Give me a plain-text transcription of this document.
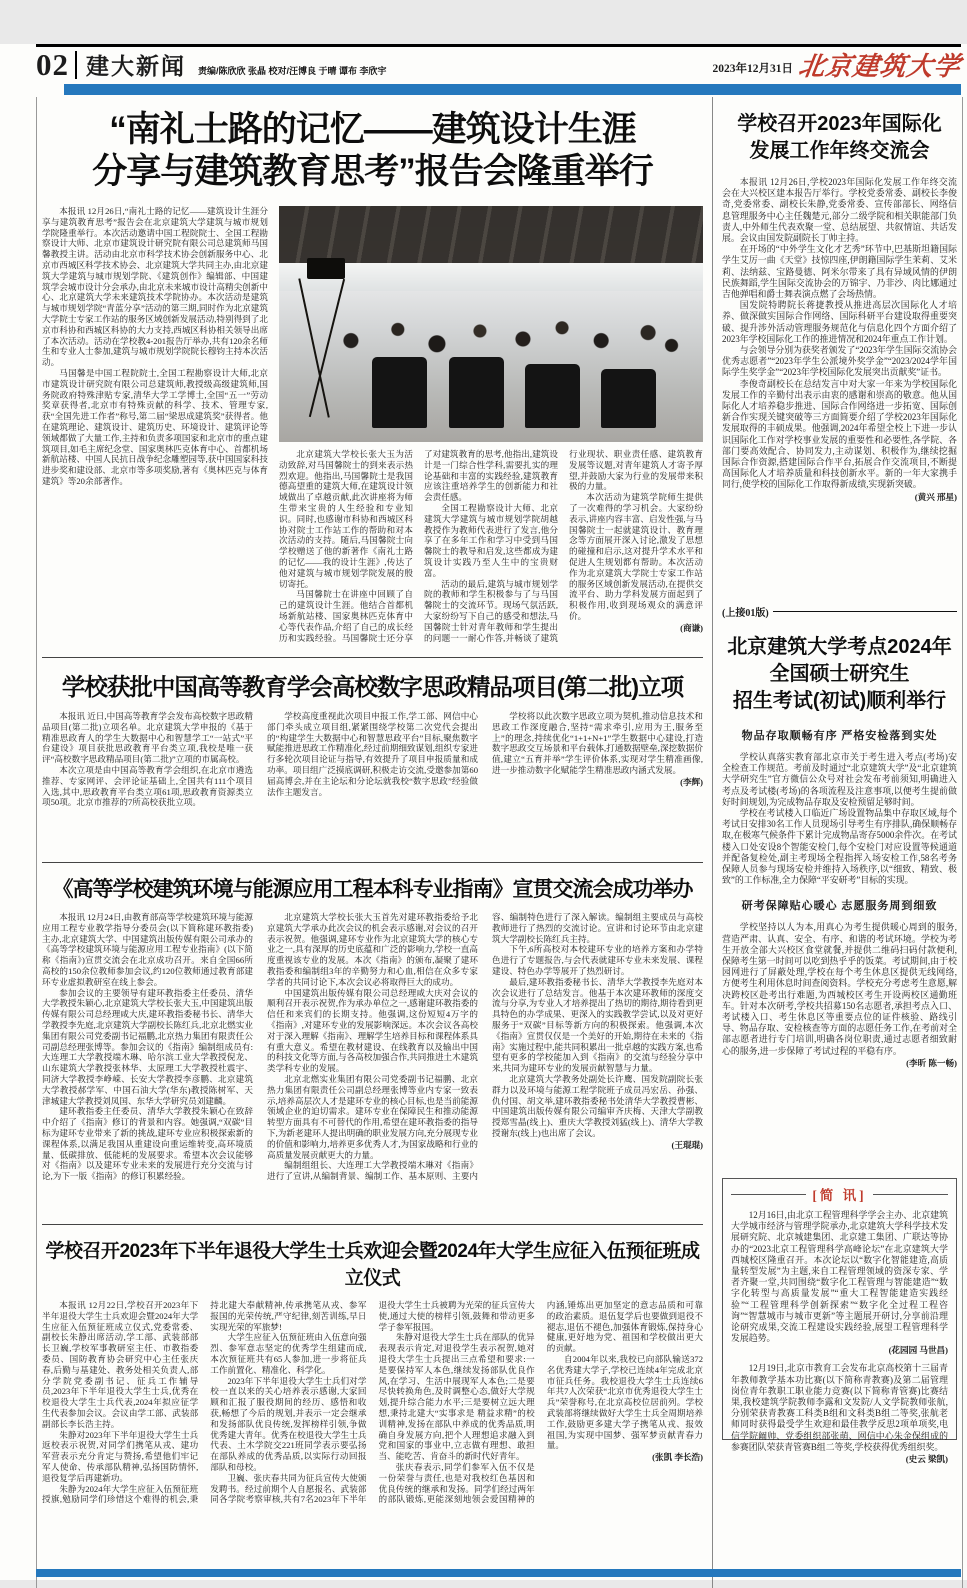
02 建大新闻 责编/陈欣欣 张晶 校对/汪博良 于晴 谭布 李欣宇	2023年12月31日 北京建筑大学
“南礼士路的记忆——建筑设计生涯
分享与建筑教育思考”报告会隆重举行

本报讯 12月26日,“南礼士路的记忆——建筑设计生涯分享与建筑教育思考”报告会在北京建筑大学建筑与城市规划学院隆重举行。本次活动邀请中国工程院院士、全国工程勘察设计大师、北京市建筑设计研究院有限公司总建筑师马国馨教授主讲。活动由北京市科学技术协会创新服务中心、北京市西城区科学技术协会、北京建筑大学共同主办,由北京建筑大学建筑与城市规划学院、《建筑创作》编辑部、中国建筑学会城市设计分会承办,由北京未来城市设计高精尖创新中心、北京建筑大学未来建筑技术学院协办。本次活动是建筑与城市规划学院“青蓝分享”活动的第三期,同时作为北京建筑大学院士专家工作站的服务区域创新发展活动,特别得到了北京市科协和西城区科协的大力支持,西城区科协相关领导出席了本次活动。活动在学校教4-201报告厅举办,共有120余名师生和专业人士参加,建筑与城市规划学院院长穆钧主持本次活动。

马国馨是中国工程院院士,全国工程勘察设计大师,北京市建筑设计研究院有限公司总建筑师,教授级高级建筑师,国务院政府特殊津贴专家,清华大学工学博士,全国“五一”劳动奖章获得者,北京市有特殊贡献的科学、技术、管理专家,获“全国先进工作者”称号,第二届“梁思成建筑奖”获得者。他在建筑理论、建筑设计、建筑历史、环境设计、建筑评论等领域都做了大量工作,主持和负责多项国家和北京市的重点建筑项目,如毛主席纪念堂、国家奥林匹克体育中心、首都机场新航站楼、中国人民抗日战争纪念雕塑园等,获中国国家科技进步奖和建设部、北京市等多项奖励,著有《奥林匹克与体育建筑》等20余部著作。

北京建筑大学校长张大玉为活动致辞,对马国馨院士的到来表示热烈欢迎。他指出,马国馨院士是我国德高望重的建筑大师,在建筑设计领域做出了卓越贡献,此次讲座将为师生带来宝贵的人生经验和专业知识。同时,也感谢市科协和西城区科协对院士工作站工作的帮助和对本次活动的支持。随后,马国馨院士向学校赠送了他的新著作《南礼士路的记忆——我的设计生涯》,传达了他对建筑与城市规划学院发展的殷切寄托。

马国馨院士在讲座中回顾了自己的建筑设计生涯。他结合首都机场新航站楼、国家奥林匹克体育中心等代表作品,介绍了自己的成长经历和实践经验。马国馨院士还分享了对建筑教育的思考,他指出,建筑设计是一门综合性学科,需要扎实的理论基础和丰富的实践经验,建筑教育应该注重培养学生的创新能力和社会责任感。

全国工程勘察设计大师、北京建筑大学建筑与城市规划学院胡越教授作为教师代表进行了发言,他分享了在多年工作和学习中受到马国馨院士的教导和启发,这些都成为建筑设计实践乃至人生中的宝贵财富。

活动的最后,建筑与城市规划学院的教师和学生积极参与了与马国馨院士的交流环节。现场气氛活跃,大家纷纷写下自己的感受和想法,马国馨院士针对青年教师和学生提出的问题一一耐心作答,并畅谈了建筑行业现状、职业责任感、建筑教育发展等议题,对青年建筑人才寄予厚望,并鼓励大家为行业的发展带来积极的力量。

本次活动为建筑学院师生提供了一次难得的学习机会。大家纷纷表示,讲座内容丰富、启发性强,与马国馨院士一起就建筑设计、教育理念等方面展开深入讨论,激发了思想的碰撞和启示,这对提升学术水平和促进人生规划都有帮助。本次活动作为北京建筑大学院士专家工作站的服务区域创新发展活动,在提供交流平台、助力学科发展方面起到了积极作用,收到现场观众的满意评价。

(商谦)
学校获批中国高等教育学会高校数字思政精品项目(第二批)立项

本报讯 近日,中国高等教育学会发布高校数字思政精品项目(第二批)立项名单。北京建筑大学申报的《基于精准思政育人的学生大数据中心和智慧学工“一站式”平台建设》项目获批思政教育平台类立项,我校是唯一获评“高校数字思政精品项目(第二批)”立项的市属高校。

本次立项是由中国高等教育学会组织,在北京市遴选推荐、专家网评、会评论证基础上,全国共有111个项目入选,其中,思政教育平台类立项61项,思政教育资源类立项50项。北京市推荐的7所高校获批立项。

学校高度重视此次项目申报工作,学工部、网信中心部门牵头成立项目组,紧紧围绕学校第二次党代会提出的“构建学生大数据中心和智慧思政平台”目标,聚焦数字赋能推进思政工作精准化,经过前期细致谋划,组织专家进行多轮次项目论证与指导,有效提升了项目申报质量和成功率。项目组广泛摸底调研,积极走访交流,受邀参加第60届高博会,并在主论坛和分论坛就我校“数字思政”经验做法作主题发言。

学校将以此次数字思政立项为契机,推动信息技术和思政工作深度融合,坚持“需求牵引,应用为王,服务至上”的理念,持续优化“1+1+N+1”学生数据中心建设,打造数字思政交互场景和平台载体,打通数据壁垒,深挖数据价值,建立“五育并举”学生评价体系,实现对学生精准画像,进一步推动数字化赋能学生精准思政内涵式发展。

(李辉)
《高等学校建筑环境与能源应用工程本科专业指南》宣贯交流会成功举办

本报讯 12月24日,由教育部高等学校建筑环境与能源应用工程专业教学指导分委员会(以下简称建环教指委)主办,北京建筑大学、中国建筑出版传媒有限公司承办的《高等学校建筑环境与能源应用工程专业指南》(以下简称《指南》)宣贯交流会在北京成功召开。来自全国66所高校的150余位教师参加会议,约120位教师通过教育部建环专业虚拟教研室在线上参会。

参加会议的主要领导有建环教指委主任委员、清华大学教授朱颖心,北京建筑大学校长张大玉,中国建筑出版传媒有限公司总经理咸大庆,建环教指委秘书长、清华大学教授李先庭,北京建筑大学副校长陈红兵,北京北燃实业集团有限公司党委副书记福鹏,北京热力集团有限责任公司副总经理张博等。参加会议的《指南》编制组成员有:大连理工大学教授端木琳、哈尔滨工业大学教授倪龙、山东建筑大学教授张林华、太原理工大学教授杜震宇、同济大学教授李峥嵘、长安大学教授李彦鹏、北京建筑大学教授郝学军、中国石油大学(华东)教授陈树军、天津城建大学教授刘凤国、东华大学研究员刘建麟。

建环教指委主任委员、清华大学教授朱颖心在致辞中介绍了《指南》修订的背景和内容。她强调,“双碳”目标为建环专业带来了新的挑战,建环专业应积极探索新的课程体系,以满足我国从重建设向重运维转变,高环境质量、低碳排放、低能耗的发展要求。希望本次会议能够对《指南》以及建环专业未来的发展进行充分交流与讨论,为下一版《指南》的修订积累经验。

北京建筑大学校长张大玉首先对建环教指委给予北京建筑大学承办此次会议的机会表示感谢,对会议的召开表示祝贺。他强调,建环专业作为北京建筑大学的核心专业之一,具有深厚的历史底蕴和广泛的影响力,学校一直高度重视该专业的发展。本次《指南》的颁布,凝聚了建环教指委和编制组3年的辛勤努力和心血,相信在众多专家学者的共同讨论下,本次会议必将取得巨大的成功。

中国建筑出版传媒有限公司总经理咸大庆对会议的顺利召开表示祝贺,作为承办单位之一,感谢建环教指委的信任和来宾们的长期支持。他强调,这份短短4万字的《指南》,对建环专业的发展影响深远。本次会议各高校对于深入理解《指南》、理解学生培养目标和课程体系具有重大意义。希望在教材建设、在线教育以及输出中国的科技文化等方面,与各高校加强合作,共同推进土木建筑类学科专业的发展。

北京北燃实业集团有限公司党委副书记福鹏、北京热力集团有限责任公司副总经理张博等业内专家一致表示,培养高层次人才是建环专业的核心目标,也是当前能源领域企业的迫切需求。建环专业在保障民生和推动能源转型方面具有不可替代的作用,希望在建环教指委的指导下,为新老建环人提出明确的职业发展方向,充分展现专业的价值和影响力,培养更多优秀人才,为国家战略和行业的高质量发展贡献更大的力量。

编制组组长、大连理工大学教授端木琳对《指南》进行了宣讲,从编制背景、编制工作、基本原则、主要内容、编制特色进行了深入解读。编制组主要成员与高校教师进行了热烈的交流讨论。宣讲和讨论环节由北京建筑大学副校长陈红兵主持。

下午,6所高校对本校建环专业的培养方案和办学特色进行了专题报告,与会代表就建环专业未来发展、课程建设、特色办学等展开了热烈研讨。

最后,建环教指委秘书长、清华大学教授李先庭对本次会议进行了总结发言。他基于本次建环教师的深度交流与分享,为专业人才培养提出了热切的期待,期待看到更具特色的办学成果、更深入的实践教学尝试,以及对更好服务于“双碳”目标等新方向的积极探索。他强调,本次《指南》宣贯仅仅是一个美好的开始,期待在未来的《指南》实施过程中,能共同积累出一批卓越的实践方案,也希望有更多的学校能加入到《指南》的交流与经验分享中来,共同为建环专业的发展贡献智慧与力量。

北京建筑大学教务处副处长许鹰、国发院副院长张群力以及环境与能源工程学院班子成员冯宏岳、孙强、仇付国、胡文举,建环教指委秘书处清华大学教授曹彬、中国建筑出版传媒有限公司编审齐庆梅、天津大学副教授郑雪晶(线上)、重庆大学教授刘猛(线上)、清华大学教授谢东(线上)也出席了会议。

(王琨琨)
学校召开2023年下半年退役大学生士兵欢迎会暨2024年大学生应征入伍预征班成立仪式

本报讯 12月22日,学校召开2023年下半年退役大学生士兵欢迎会暨2024年大学生应征入伍预征班成立仪式,党委常委、副校长朱静出席活动,学工部、武装部部长卫巍,学校军事教研室主任、市教指委委员、国防教育协会研究中心主任张庆春,后勤与基建处、教务处相关负责人,部分学院党委副书记、征兵工作辅导员,2023年下半年退役大学生士兵,优秀在校退役大学生士兵代表,2024年拟应征学生代表参加会议。会议由学工部、武装部副部长李长浩主持。

朱静对2023年下半年退役大学生士兵返校表示祝贺,对同学们携笔从戎、建功军营表示充分肯定与赞扬,希望他们牢记军人使命、传承部队精神,弘扬国防情怀,退役复学后再建新功。

朱静为2024年大学生应征入伍预征班授旗,勉励同学们珍惜这个难得的机会,秉持北建大奉献精神,传承携笔从戎、参军报国的光荣传统,严守纪律,刻苦训练,早日实现光荣的军旅梦!

大学生应征入伍预征班由入伍意向强烈、参军意志坚定的优秀学生组建而成,本次预征班共有65人参加,进一步将征兵工作前置化、精准化、科学化。

2023年下半年退役大学生士兵们对学校一直以来的关心培养表示感谢,大家回顾和汇报了服役期间的经历、感悟和收获,畅想了今后的规划,并表示一定会继承和发扬部队优良传统,发挥榜样引领,争做优秀建大青年。优秀在校退役大学生士兵代表、土木学院交221班同学表示要弘扬在部队养成的优秀品质,以实际行动回报部队和母校。

卫巍、张庆春共同为征兵宣传大使颁发聘书。经过前期个人自愿报名、武装部同各学院考察审核,共有7名2023年下半年退役大学生士兵被聘为光荣的征兵宣传大使,通过大使的榜样引领,鼓舞和带动更多学子参军报国。

朱静对退役大学生士兵在部队的优异表现表示肯定,对退役学生表示祝贺,她对退役大学生士兵提出三点希望和要求:一是要保持军人本色,继续发扬部队优良作风,在学习、生活中展现军人本色;二是要尽快转换角色,及时调整心态,做好大学规划,提升综合能力水平;三是要树立远大理想,秉持北建大“实事求是 精益求精”的校训精神,发扬在部队中养成的优秀品质,明确自身发展方向,把个人理想追求融入到党和国家的事业中,立志做有理想、敢担当、能吃苦、肯奋斗的新时代好青年。

张庆春表示,同学们参军入伍不仅是一份荣誉与责任,也是对我校红色基因和优良传统的继承和发扬。同学们经过两年的部队锻炼,更能深刻地领会爱国精神的内涵,锤炼出更加坚定的意志品质和可靠的政治素质。退伍复学后也要做到退役不褪志,退伍不褪色,加强体育锻炼,保持身心健康,更好地为党、祖国和学校做出更大的贡献。

自2004年以来,我校已向部队输送372名优秀建大学子,学校已连续4年完成北京市征兵任务。我校退役大学生士兵连续6年共7人次荣获“北京市优秀退役大学生士兵”荣誉称号,在北京高校位居前列。学校武装部将继续做好大学生士兵全周期培养工作,鼓励更多建大学子携笔从戎、报效祖国,为实现中国梦、强军梦贡献青春力量。

(张凯 李长浩)
学校召开2023年国际化
发展工作年终交流会

本报讯 12月26日,学校2023年国际化发展工作年终交流会在大兴校区建本报告厅举行。学校党委常委、副校长李俊奇,党委常委、副校长朱静,党委常委、宣传部部长、网络信息管理服务中心主任魏楚元,部分二级学院和相关职能部门负责人,中外师生代表欢聚一堂、总结展望、共叙情谊、共话发展。会议由国发院副院长丁帅主持。

在开场的“中外学生文化才艺秀”环节中,巴基斯坦籍国际学生艾厉一曲《天堂》技惊四座,伊朗籍国际学生茉莉、艾米莉、法纳兹、宝路曼德、阿米尔带来了具有异域风情的伊朗民族舞蹈,学生国际交流协会的万锦宇、乃非沙、肉比娜通过吉他弹唱和爵士舞表演点燃了会场热情。

国发院特聘院长蒋捷教授从推进高层次国际化人才培养、做深做实国际合作网络、国际科研平台建设取得重要突破、提升涉外活动管理服务规范化与信息化四个方面介绍了2023年学校国际化工作的推进情况和2024年重点工作计划。

与会领导分别为获奖者颁发了“2023年学生国际交流协会优秀志愿者”“2023年学生公派境外奖学金”“2023/2024学年国际学生奖学金”“2023年学校国际化发展突出贡献奖”证书。

李俊奇副校长在总结发言中对大家一年来为学校国际化发展工作的辛勤付出表示由衷的感谢和崇高的敬意。他从国际化人才培养稳步推进、国际合作网络进一步拓宽、国际创新合作实现关键突破等三方面简要介绍了学校2023年国际化发展取得的丰硕成果。他强调,2024年希望全校上下进一步认识国际化工作对学校事业发展的重要性和必要性,各学院、各部门要高效配合、协同发力,主动谋划、积极作为,继续挖掘国际合作资源,搭建国际合作平台,拓展合作交流项目,不断提高国际化人才培养质量和科技创新水平。新的一年大家携手同行,使学校的国际化工作取得新成绩,实现新突破。

(黄兴 邢星)
(上接01版)
北京建筑大学考点2024年
全国硕士研究生
招生考试(初试)顺利举行
物品存取顺畅有序 严格安检落到实处

学校认真落实教育部北京市关于考生进入考点(考场)安全检查工作规范。考前及时通过“北京建筑大学”及“北京建筑大学研究生”官方微信公众号对社会发布考前须知,明确进入考点及考试楼(考场)的各项流程及注意事项,以便考生提前做好时间规划,为完成物品存取及安检预留足够时间。

学校在考试楼入口临近广场设置物品集中存取区域,每个考试日安排30名工作人员现场引导考生有序排队,确保顺畅存取,在极寒气候条件下累计完成物品寄存5000余件次。在考试楼入口处安设8个智能安检门,每个安检门对应设置等候通道并配备复检处,副主考现场全程指挥入场安检工作,58名考务保障人员参与现场安检并维持入场秩序,以“细致、精致、极致”的工作标准,全力保障“平安研考”目标的实现。

研考保障贴心暖心 志愿服务周到细致

学校坚持以人为本,用真心为考生提供暖心周到的服务,营造严肃、认真、安全、有序、和谐的考试环境。学校为考生开放全部大兴校区食堂就餐,并提供二维码扫码付款便利,保障考生第一时间可以吃到热乎乎的饭菜。考试期间,由于校园网进行了屏蔽处理,学校在每个考生休息区提供无线网络,方便考生利用休息时间查阅资料。学校充分考虑考生意愿,解决跨校区赴考出行难题,为西城校区考生开设两校区通勤班车。针对本次研考,学校共招募150名志愿者,承担考点入口、考试楼入口、考生休息区等重要点位的证件核验、路线引导、物品存取、安检核查等方面的志愿任务工作,在考前对全部志愿者进行专门培训,明确各岗位职责,通过志愿者细致耐心的服务,进一步保障了考试过程的平稳有序。

(李昕 陈一畅)
[简 讯]

12月16日,由北京工程管理科学学会主办、北京建筑大学城市经济与管理学院承办,北京建筑大学科学技术发展研究院、北京城建集团、北京建工集团、广联达等协办的“2023北京工程管理科学高峰论坛”在北京建筑大学西城校区隆重召开。本次论坛以“数字化智能建造,高质量转型发展”为主题,来自工程管理领域的资深专家、学者齐聚一堂,共同围绕“数字化工程管理与智能建造”“数字化转型与高质量发展”“重大工程智能建造实践经验”“工程管理科学创新探索”“数字化全过程工程咨询”“智慧城市与城市更新”等主题展开研讨,分享前沿理论研究成果,交流工程建设实践经验,展望工程管理科学发展趋势。

(花园园 马世昌)

12月19日,北京市教育工会发布北京高校第十三届青年教师教学基本功比赛(以下简称青教赛)及第二届管理岗位青年教职工职业能力竞赛(以下简称青管赛)比赛结果,我校建筑学院教师李露和文发院/人文学院教师张航,分别荣获青教赛工科类B组和文科类B组二等奖,张航老师同时获得最受学生欢迎和最佳教学反思2项单项奖,电信学院阚帅、党委组织部张萌、网信中心朱金保组成的参赛团队荣获青管赛B组二等奖,学校获得优秀组织奖。

(史云 梁凯)
